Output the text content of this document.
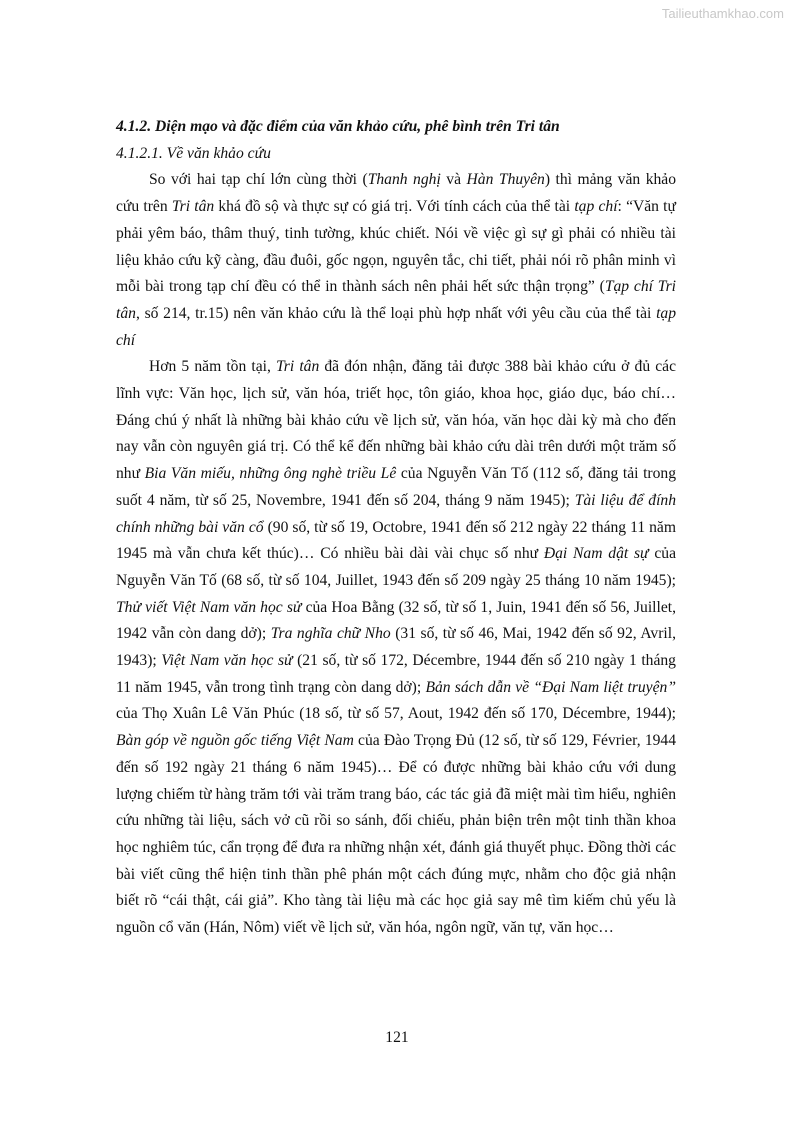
Tailieuthamkhao.com

4.1.2. Diện mạo và đặc điểm của văn khảo cứu, phê bình trên Tri tân

4.1.2.1. Về văn khảo cứu

So với hai tạp chí lớn cùng thời (Thanh nghị và Hàn Thuyên) thì mảng văn khảo cứu trên Tri tân khá đồ sộ và thực sự có giá trị. Với tính cách của thể tài tạp chí: “Văn tự phải yêm báo, thâm thuý, tinh tường, khúc chiết. Nói về việc gì sự gì phải có nhiều tài liệu khảo cứu kỹ càng, đầu đuôi, gốc ngọn, nguyên tắc, chi tiết, phải nói rõ phân minh vì mỗi bài trong tạp chí đều có thể in thành sách nên phải hết sức thận trọng” (Tạp chí Tri tân, số 214, tr.15) nên văn khảo cứu là thể loại phù hợp nhất với yêu cầu của thể tài tạp chí

Hơn 5 năm tồn tại, Tri tân đã đón nhận, đăng tải được 388 bài khảo cứu ở đủ các lĩnh vực: Văn học, lịch sử, văn hóa, triết học, tôn giáo, khoa học, giáo dục, báo chí… Đáng chú ý nhất là những bài khảo cứu về lịch sử, văn hóa, văn học dài kỳ mà cho đến nay vẫn còn nguyên giá trị. Có thể kể đến những bài khảo cứu dài trên dưới một trăm số như Bia Văn miếu, những ông nghè triều Lê của Nguyễn Văn Tố (112 số, đăng tải trong suốt 4 năm, từ số 25, Novembre, 1941 đến số 204, tháng 9 năm 1945); Tài liệu để đính chính những bài văn cổ (90 số, từ số 19, Octobre, 1941 đến số 212 ngày 22 tháng 11 năm 1945 mà vẫn chưa kết thúc)… Có nhiều bài dài vài chục số như Đại Nam dật sự của Nguyễn Văn Tố (68 số, từ số 104, Juillet, 1943 đến số 209 ngày 25 tháng 10 năm 1945); Thử viết Việt Nam văn học sử của Hoa Bằng (32 số, từ số 1, Juin, 1941 đến số 56, Juillet, 1942 vẫn còn dang dở); Tra nghĩa chữ Nho (31 số, từ số 46, Mai, 1942 đến số 92, Avril, 1943); Việt Nam văn học sử (21 số, từ số 172, Décembre, 1944 đến số 210 ngày 1 tháng 11 năm 1945, vẫn trong tình trạng còn dang dở); Bản sách dẫn về “Đại Nam liệt truyện” của Thọ Xuân Lê Văn Phúc (18 số, từ số 57, Aout, 1942 đến số 170, Décembre, 1944); Bàn góp về nguồn gốc tiếng Việt Nam của Đào Trọng Đủ (12 số, từ số 129, Février, 1944 đến số 192 ngày 21 tháng 6 năm 1945)… Để có được những bài khảo cứu với dung lượng chiếm từ hàng trăm tới vài trăm trang báo, các tác giả đã miệt mài tìm hiểu, nghiên cứu những tài liệu, sách vở cũ rồi so sánh, đối chiếu, phản biện trên một tinh thần khoa học nghiêm túc, cẩn trọng để đưa ra những nhận xét, đánh giá thuyết phục. Đồng thời các bài viết cũng thể hiện tinh thần phê phán một cách đúng mực, nhằm cho độc giả nhận biết rõ “cái thật, cái giả”. Kho tàng tài liệu mà các học giả say mê tìm kiếm chủ yếu là nguồn cổ văn (Hán, Nôm) viết về lịch sử, văn hóa, ngôn ngữ, văn tự, văn học…

121
